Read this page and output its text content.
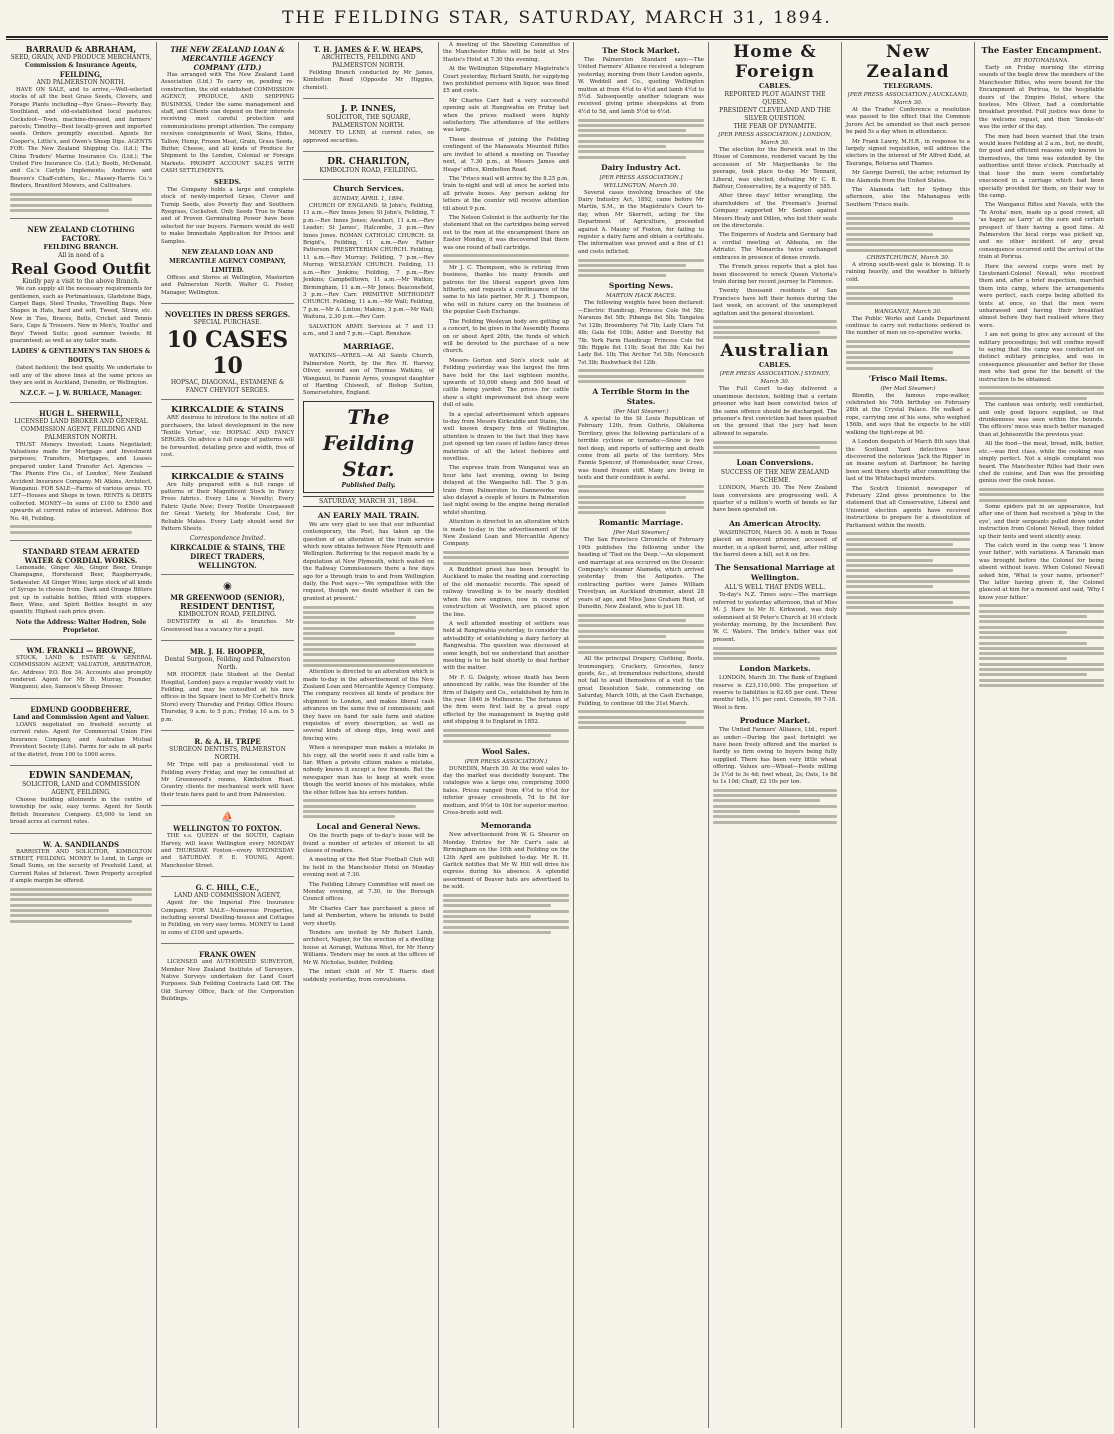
THE FEILDING STAR, SATURDAY, MARCH 31, 1894.
BARRAUD & ABRAHAM,
SEED, GRAIN, AND PRODUCE MERCHANTS,
Commission & Insurance Agents,
FEILDING,
AND PALMERSTON NORTH.

HAVE ON SALE, and to arrive,—Well-selected stocks of all the best Grass Seeds, Clovers, and Forage Plants including—Rye Grass—Poverty Bay, Southland, and old-established local pastures; Cocksfoot—Town, machine-dressed, and farmers' parcels; Timothy—Best locally-grown and imported seeds. Orders promptly executed. Agents for Cooper's, Little's, and Owen's Sheep Dips. AGENTS FOR: The New Zealand Shipping Co. (Ld.); The China Traders' Marine Insurance Co. (Ltd.); The United Fire Insurance Co. (Ld.); Booth, McDonald, and Co.'s Carlyle Implements; Andrews and Beaven's Chaff-cutters, &c.; Massey-Harris Co.'s Binders, Brantford Mowers, and Cultivators.

NEW ZEALAND CLOTHING FACTORY.
FEILDING BRANCH.
All in need of a
Real Good Outfit
Kindly pay a visit to the above Branch.

We can supply all the necessary requirements for gentlemen, such as Portmanteaux, Gladstone Bags, Carpet Bags, Steel Trunks, Travelling Bags. New Shapes in Hats, hard and soft, Tweed, Straw, etc. New in Ties, Braces, Belts, Cricket and Tennis Sacs, Caps & Trousers. New in Men's, Youths' and Boys' Tweed Suits; good summer tweeds; fit guaranteed; as well as any tailor made.

LADIES' & GENTLEMEN'S TAN SHOES & BOOTS,

(latest fashion); the best quality. We undertake to sell any of the above lines at the same prices as they are sold in Auckland, Dunedin, or Wellington.

N.Z.C.F. — J. W. BURLACE, Manager.
HUGH L. SHERWILL,
LICENSED LAND BROKER AND GENERAL COMMISSION AGENT, FEILDING AND PALMERSTON NORTH.

TRUST Moneys Invested; Loans Negotiated; Valuations made for Mortgage and Investment purposes; Transfers, Mortgages, and Leases prepared under Land Transfer Act. Agencies — 'The Phenix Fire Co., of London', New Zealand Accident Insurance Company. Mt Atkins, Architect, Wanganui. FOR SALE—Farms of various areas. TO LET—Houses and Shops in town. RENTS & DEBTS collected. MONEY—In sums of £100 to £500 and upwards at current rates of interest. Address: Box No. 46, Feilding.

STANDARD STEAM AERATED WATER & CORDIAL WORKS.

Lemonade, Ginger Ale, Ginger Beer, Orange Champagne, Horehound Beer, Raspberryade, Sodawater. All Ginger Wine; large stock of all kinds of Syrups to choose from. Dark and Orange Bitters put up in suitable bottles, fitted with stoppers. Beer, Wine, and Spirit Bottles bought in any quantity. Highest cash price given.

Note the Address: Walter Hodren, Sole Proprietor.
WM. FRANKLI — BROWNE,

STOCK, LAND & ESTATE & GENERAL COMMISSION AGENT, VALUATOR, ARBITRATOR, &c. Address: P.O. Box 34. Accounts also promptly rendered. Agent for Mr D. Murray, Founder, Wanganui; also, Samson's Sheep Dresser.

EDMUND GOODBEHERE,
Land and Commission Agent and Valuer.

LOANS negotiated on freehold security at current rates. Agent for Commercial Union Fire Insurance Company, and Australian Mutual Provident Society (Life). Farms for sale in all parts of the district, from 100 to 1000 acres.

EDWIN SANDEMAN,
SOLICITOR, LAND and COMMISSION AGENT, FEILDING.

Choose building allotments in the centre of township for sale, easy terms. Agent for South British Insurance Company. £5,000 to lend on broad acres at current rates.

W. A. SANDILANDS

BARRISTER AND SOLICITOR, KIMBOLTON STREET, FEILDING. MONEY to Lend, in Large or Small Sums, on the security of Freehold Land, at Current Rates of Interest. Town Property accepted if ample margin be offered.

THE NEW ZEALAND LOAN & MERCANTILE AGENCY COMPANY (LTD.)

Has arranged with The New Zealand Land Association (Ltd.) To carry on, pending re-construction, the old established COMMISSION AGENCY, PRODUCE, AND SHIPPING BUSINESS, Under the same management and staff, and Clients can depend on their interests receiving most careful protection and communications prompt attention. The company receives consignments of Wool, Skins, Hides, Tallow, Hemp, Frozen Meat, Grain, Grass Seeds, Butter, Cheese, and all kinds of Produce for Shipment to the London, Colonial or Foreign Markets. PROMPT ACCOUNT SALES WITH CASH SETTLEMENTS.

SEEDS.

The Company holds a large and complete stock of newly-imported Grass, Clover and Turnip Seeds, also Poverty Bay and Southern Ryegrass, Cocksfoot. Only Seeds True to Name and of Proven Germinating Power have been selected for our buyers. Farmers would do well to make Immediate Application for Prices and Samples.

NEW ZEALAND LOAN AND MERCANTILE AGENCY COMPANY, LIMITED.

Offices and Stores at Wellington, Masterton and Palmerston North. Walter G. Foster, Manager, Wellington.

NOVELTIES IN DRESS SERGES.
SPECIAL PURCHASE.
10 CASES 10
HOPSAC, DIAGONAL, ESTAMENE & FANCY CHEVIOT SERGES.
KIRKCALDIE & STAINS

ARE desirous to introduce to the notice of all purchasers, the latest development in the new 'Textile Virtue', viz: HOPSAC AND FANCY SERGES. On advice a full range of patterns will be forwarded, detailing price and width, free of cost.

KIRKCALDIE & STAINS

Are fully prepared with a full range of patterns of their Magnificent Stock in Fancy Press fabrics. Every Line a Novelty; Every Fabric Quite New; Every Textile Unsurpassed for Great Variety, for Moderate Cost, for Reliable Makes. Every Lady should send for Pattern Sheets.

Correspondence Invited.
KIRKCALDIE & STAINS, THE DIRECT TRADERS, WELLINGTON.
◉
MR GREENWOOD (SENIOR),
RESIDENT DENTIST,
KIMBOLTON ROAD, FEILDING.

DENTISTRY in all its branches. Mr Greenwood has a vacancy for a pupil.

MR. J. H. HOOPER,
Dental Surgeon, Feilding and Palmerston North.

MR HOOPER (late Student at the Dental Hospital, London) pays a regular weekly visit to Feilding, and may be consulted at his new offices in the Square (next to Mr Corbett's Brick Store) every Thursday and Friday. Office Hours: Thursday, 9 a.m. to 5 p.m.; Friday, 10 a.m. to 5 p.m.

R. & A. H. TRIPE
SURGEON DENTISTS, PALMERSTON NORTH.

Mr Tripe will pay a professional visit to Feilding every Friday, and may be consulted at Mr Greenwood's rooms, Kimbolton Road. Country clients for mechanical work will have their train fares paid to and from Palmerston.

⛵
WELLINGTON TO FOXTON.

THE s.s. QUEEN of the SOUTH, Captain Harvey, will leave Wellington every MONDAY and THURSDAY. Foxton—every WEDNESDAY and SATURDAY. F. E. YOUNG, Agent, Manchester Street.

G. C. HILL, C.E.,
LAND AND COMMISSION AGENT,

Agent for the Imperial Fire Insurance Company. FOR SALE—Numerous Properties, including several Dwelling-houses and Cottages in Feilding, on very easy terms. MONEY to Lend in sums of £100 and upwards.

FRANK OWEN

LICENSED and AUTHORISED SURVEYOR, Member New Zealand Institute of Surveyors. Native Surveys undertaken for Land Court Purposes. Sub Feilding Contracts Laid Off. The Old Survey Office, Back of the Corporation Buildings.

T. H. JAMES & F. W. HEAPS,
ARCHITECTS, FEILDING AND PALMERSTON NORTH.

Feilding Branch conducted by Mr James, Kimbolton Road (Opposite Mr Higgins, chemist).

J. P. INNES,
SOLICITOR, THE SQUARE, PALMERSTON NORTH.

MONEY TO LEND, at current rates, on approved securities.

DR. CHARLTON,
KIMBOLTON ROAD, FEILDING.
Church Services.
SUNDAY, APRIL 1, 1894.

CHURCH OF ENGLAND. St John's, Feilding, 11 a.m.—Rev Innes Jones; St John's, Feilding, 7 p.m.—Rev Innes Jones; Awahuri, 11 a.m.—Rev Leader; St James', Halcombe, 3 p.m.—Rev Innes Jones. ROMAN CATHOLIC CHURCH. St Brigid's, Feilding, 11 a.m.—Rev Father Patterson. PRESBYTERIAN CHURCH. Feilding, 11 a.m.—Rev Murray; Feilding, 7 p.m.—Rev Murray. WESLEYAN CHURCH. Feilding, 11 a.m.—Rev Jenkins; Feilding, 7 p.m.—Rev Jenkins; Campbelltown, 11 a.m.—Mr Watkin; Birmingham, 11 a.m.—Mr Jones; Beaconsfield, 3 p.m.—Rev Carr. PRIMITIVE METHODIST CHURCH. Feilding, 11 a.m.—Mr Wall; Feilding, 7 p.m.—Mr A. Linton; Makino, 3 p.m.—Mr Wall; Waituna, 2.30 p.m.—Rev Carr.

SALVATION ARMY. Services at 7 and 11 a.m., and 3 and 7 p.m.—Capt. Renshaw.

MARRIAGE.

WATKINS—AYRES.—At All Saints Church, Palmerston North, by the Rev. H. Harvey, Oliver, second son of Thomas Watkins, of Wanganui, to Fannie Ayres, youngest daughter of Harding Chiswell, of Bishop Sutton, Somersetshire, England.

The Feilding Star.
Published Daily.
SATURDAY, MARCH 31, 1894.
AN EARLY MAIL TRAIN.

We are very glad to see that our influential contemporary, the Post, has taken up the question of an alteration of the train service which now obtains between New Plymouth and Wellington. Referring to the request made by a deputation at New Plymouth, which waited on the Railway Commissioners there a few days ago for a through train to and from Wellington daily, the Post says:—'We sympathise with the request, though we doubt whether it can be granted at present.'

Attention is directed to an alteration which is made to-day in the advertisement of the New Zealand Loan and Mercantile Agency Company. The company receives all kinds of produce for shipment to London, and makes liberal cash advances on the same free of commission; and they have on hand for sale farm and station requisites of every description, as well as several kinds of sheep dips, long wool and fencing wire.

When a newspaper man makes a mistake in his copy, all the world sees it and calls him a liar. When a private citizen makes a mistake, nobody knows it except a few friends. But the newspaper man has to keep at work even though the world knows of his mistakes, while the other fellow has his errors hidden.

Local and General News.

On the fourth page of to-day's issue will be found a number of articles of interest to all classes of readers.

A meeting of the Red Star Football Club will be held in the Manchester Hotel on Monday evening next at 7.30.

The Feilding Library Committee will meet on Monday evening, at 7.30, in the Borough Council offices.

Mr Charles Carr has purchased a piece of land at Pemberton, where he intends to build very shortly.

Tenders are invited by Mr Robert Lamb, architect, Napier, for the erection of a dwelling house at Aorangi, Waituna West, for Mr Henry Williams. Tenders may be seen at the offices of Mr W. Nicholas, builder, Feilding.

The infant child of Mr T. Harris died suddenly yesterday, from convulsions.

A meeting of the Shooting Committee of the Manchester Rifles will be held at Mrs Hastie's Hotel at 7.30 this evening.

At the Wellington Stipendiary Magistrate's Court yesterday, Richard Smith, for supplying two prohibited persons with liquor, was fined £5 and costs.

Mr Charles Carr had a very successful opening sale at Rangiwahia on Friday last when the prices realised were highly satisfactory. The attendance of the settlers was large.

Those desirous of joining the Feilding contingent of the Manawatu Mounted Rifles are invited to attend a meeting on Tuesday next, at 7.30 p.m., at Messrs James and Heaps' office, Kimbolton Road.

The 'Frisco mail will arrive by the 8.25 p.m. train to-night and will at once be sorted into all private boxes. Any person asking for letters at the counter will receive attention till about 9 p.m.

The Nelson Colonist is the authority for the statement that on the cartridges being served out to the men at the encampment there on Easter Monday, it was discovered that there was one round of ball cartridge.

Mr J. C. Thompson, who is retiring from business, thanks his many friends and patrons for the liberal support given him hitherto, and requests a continuance of the same to his late partner, Mr R. J. Thompson, who will in future carry on the business of the popular Cash Exchange.

The Feilding Wesleyan body are getting up a concert, to be given in the Assembly Rooms on or about April 20th, the funds of which will be devoted to the purchase of a new church.

Messrs Gorton and Son's stock sale at Feilding yesterday was the largest the firm have held for the last eighteen months, upwards of 10,000 sheep and 500 head of cattle being yarded. The prices for cattle show a slight improvement but sheep were dull of sale.

In a special advertisement which appears to-day from Messrs Kirkcaldie and Stains, the well known drapery firm of Wellington, attention is drawn to the fact that they have just opened up ten cases of ladies fancy dress materials of all the latest fashions and novelties.

The express train from Wanganui was an hour late last evening, owing to being delayed at the Wangaehu hill. The 5 p.m. train from Palmerston to Danneverke was also delayed a couple of hours in Palmerston last night owing to the engine being derailed whilst shunting.

Attention is directed to an alteration which is made to-day in the advertisement of the New Zealand Loan and Mercantile Agency Company.

A Buddhist priest has been brought to Auckland to make the reading and correcting of the old monastic records. The speed of railway travelling is to be nearly doubled when the new engines, now in course of construction at Woolwich, are placed upon the line.

A well attended meeting of settlers was held at Rangiwahia yesterday, to consider the advisability of establishing a dairy factory at Rangiwahia. The question was discussed at some length, but we understand that another meeting is to be held shortly to deal further with the matter.

Mr F. G. Dalgety, whose death has been announced by cable, was the founder of the firm of Dalgety and Co., established by him in the year 1846 in Melbourne. The fortunes of the firm were first laid by a great copy effected by the management in buying gold and shipping it to England in 1852.

Wool Sales.
(PER PRESS ASSOCIATION.)

DUNEDIN, March 30. At the wool sales to-day the market was decidedly buoyant. The catalogue was a large one, comprising 3000 bales. Prices ranged from 4½d to 6½d for inferior greasy crossbreds, 7d to 8d for medium, and 9½d to 10d for superior merino. Cross-breds sold well.

Memoranda

New advertisement from W. G. Shearer on Monday. Entries for Mr Carr's sale at Birmingham on the 10th and Feilding on the 12th April are published to-day. Mr R. H. Garlick notifies that Mr W. Hill will drive his express during his absence. A splendid assortment of Beaver hats are advertised to be sold.

The Stock Market.

The Palmerston Standard says:—The United Farmers' Alliance received a telegram yesterday, morning from their London agents, W. Weddell and Co., quoting Wellington mutton at from 4½d to 4½d and lamb 4½d to 5½d. Subsequently another telegram was received giving prime sheepskins at from 4½d to 5d, and lamb 5½d to 6½d.

Dairy Industry Act.
[PER PRESS ASSOCIATION.] WELLINGTON, March 30.

Several cases involving breaches of the Dairy Industry Act, 1892, came before Mr Martin, S.M., in the Magistrate's Court to-day, when Mr Skerrett, acting for the Department of Agriculture, proceeded against A. Mauny of Foxton, for failing to register a dairy farm and obtain a certificate. The information was proved and a fine of £1 and costs inflicted.

Sporting News.
MARTON HACK RACES.

The following weights have been declared:—Electric Handicap, Princess Cole 9st 5lb; Naranza 8st 5lb; Pibanga 8st 5lb; Tangatoa 7st 12lb; Broomberry 7st 7lb; Lady Clare 7st 4lb; Gala 6st 10lb; Adder and Dorothy 6st 7lb. York Farm Handicap: Princess Cole 9st 5lb; Ripple 8st 11lb; Scud 8st 3lb; Kai Iwi Lady 8st. 1lb; The Archer 7st 5lb; Noncsuch 7st 3lb; Bushwhack 6st 12lb.

A Terrible Storm in the States.
(Per Mail Steamer.)

A special to the St Louis Republican of February 12th, from Guthrie, Oklahoma Territory, gives the following particulars of a terrible cyclone or tornado:—Snow is two feet deep, and reports of suffering and death come from all parts of the territory. Mrs Fannie Spencer, of Homesteader, near Cross, was found frozen stiff. Many are living in tents and their condition is awful.

Romantic Marriage.
[Per Mail Steamer.]

The San Francisco Chronicle of February 19th publishes the following under the heading of 'Tied on the Deep.'—An elopement and marriage at sea occurred on the Oceanic Company's steamer Alameda, which arrived yesterday from the Antipodes. The contracting parties were James William Trevelyan, an Auckland drummer, about 28 years of age, and Miss Jane Graham Reid, of Dunedin, New Zealand, who is just 18.

All the principal Drapery, Clothing, Boots, Ironmongery, Crockery, Groceries, fancy goods, &c., at tremendous reductions, should not fail to avail themselves of a visit to the great Desolution Sale, commencing on Saturday, March 10th, at the Cash Exchange, Feilding, to continue till the 31st March.

Home & Foreign
CABLES.
REPORTED PLOT AGAINST THE QUEEN.
PRESIDENT CLEVELAND AND THE SILVER QUESTION.
THE FEAR OF DYNAMITE.
[PER PRESS ASSOCIATION.] LONDON, March 30.

The election for the Berwick seat in the House of Commons, rendered vacant by the accession of Mr Marjoribanks to the peerage, took place to-day. Mr Tennant, Liberal, was elected, defeating Mr C. B. Balfour, Conservative, by a majority of 585.

After three days' bitter wrangling, the shareholders of the Freeman's Journal Company supported Mr Sexton against Messrs Healy and Dillon, who lost their seats on the directorate.

The Emperors of Austria and Germany had a cordial meeting at Abbazia, on the Adriatic. The Monarchs twice exchanged embraces in presence of dense crowds.

The French press reports that a plot has been discovered to wreck Queen Victoria's train during her recent journey to Florence.

Twenty thousand residents of San Francisco have left their homes during the last week, on account of the unemployed agitation and the general discontent.

Australian
CABLES.
[PER PRESS ASSOCIATION.] SYDNEY, March 30.

The Full Court to-day delivered a unanimous decision, holding that a certain prisoner who had been convicted twice of the same offence should be discharged. The prisoner's first conviction had been quashed on the ground that the jury had been allowed to separate.

Loan Conversions.
SUCCESS OF THE NEW ZEALAND SCHEME.

LONDON, March 30. The New Zealand loan conversions are progressing well. A quarter of a million's worth of bonds so far have been operated on.

An American Atrocity.

WASHINGTON, March 30. A mob in Texas placed an innocent prisoner, accused of murder, in a spiked barrel, and, after rolling the barrel down a hill, set it on fire.

The Sensational Marriage at Wellington.
ALL'S WELL THAT ENDS WELL.

To-day's N.Z. Times says:—The marriage referred to yesterday afternoon, that of Miss M. J. Hare to Mr H. Kirkwood, was duly solemnised at St Peter's Church at 10 o'clock yesterday morning, by the Incumbent Rev. W. C. Waters. The bride's father was not present.

London Markets.

LONDON, March 30. The Bank of England reserve is £23,110,000. The proportion of reserve to liabilities is 62.65 per cent. Three months' bills, 1½ per cent. Consols, 99 7-16. Wool is firm.

Produce Market.

The United Farmers' Alliance, Ltd., report as under:—During the past fortnight we have been freely offered and the market is hardly so firm owing to buyers being fully supplied. There has been very little wheat offering. Values are—Wheat—Feeds milling 3s 1½d to 3s 4d; fowl wheat, 2s; Oats, 1s 8d to 1s 10d; Chaff, £2 10s per ton.

New Zealand
TELEGRAMS.
[PER PRESS ASSOCIATION.] AUCKLAND, March 30.

At the Trades' Conference a resolution was passed to the effect that the Common Jurors Act be amended so that each person be paid 5s a day when in attendance.

Mr Frank Lawry, M.H.R., in response to a largely signed requisition, will address the electors in the interest of Mr Alfred Kidd, at Tauranga, Rotorua and Thames.

Mr George Darrell, the actor, returned by the Alameda from the United States.

The Alameda left for Sydney this afternoon, also the Mahanapua with Southern 'Frisco mails.

CHRISTCHURCH, March 30.

A strong south-west gale is blowing. It is raining heavily, and the weather is bitterly cold.

WANGANUI, March 30.

The Public Works and Lands Department continue to carry out reductions ordered in the number of men on co-operative works.

'Frisco Mail Items.
(Per Mail Steamer.)

Blondin, the famous rope-walker, celebrated his 70th birthday on February 28th at the Crystal Palace. He walked a rope, carrying one of his sons, who weighed 156lb, and says that he expects to be still walking the tight-rope at 90.

A London despatch of March 8th says that the Scotland Yard detectives have discovered the notorious 'Jack the Ripper' in an insane asylum at Dartmoor, he having been sent there shortly after committing the last of the Whitechapel murders.

The Scotch Unionist newspaper of February 22nd gives prominence to the statement that all Conservative, Liberal and Unionist election agents have received instructions to prepare for a dissolution of Parliament within the month.

The Easter Encampment.
BY ROTONAHANA.

Early on Friday morning the stirring sounds of the bugle drew the members of the Manchester Rifles, who were bound for the Encampment at Porirua, to the hospitable doors of the Empire Hotel, where the hostess, Mrs Oliver, had a comfortable breakfast provided. Full justice was done to the welcome repast, and then 'Smoke-oh' was the order of the day.

The men had been warned that the train would leave Feilding at 2 a.m., but, no doubt, for good and efficient reasons only known to themselves, the time was extended by the authorities until three o'clock. Punctually at that hour the men were comfortably ensconced in a carriage which had been specially provided for them, on their way to the camp.

The Wanganui Rifles and Navals, with the 'Te Aroha' men, made up a good crowd, all 'as happy as Larry' at the sure and certain prospect of their having a good time. At Palmerston the local corps was picked up, and no other incident of any great consequence occurred until the arrival of the train at Porirua.

Here the several corps were met by Lieutenant-Colonel Newall, who received them and, after a brief inspection, marched them into camp, where the arrangements were perfect, each corps being allotted its tents at once, so that the men were unharassed and having their breakfast almost before they had realised where they were.

I am not going to give any account of the military proceedings; but will confine myself to saying that the camp was conducted on distinct military principles, and was in consequence pleasanter and better for those men who had gone for the benefit of the instruction to be obtained.

The canteen was orderly, well conducted, and only good liquors supplied, so that drunkenness was seen within the bounds. The officers' mess was much better managed than at Johnsonville the previous year.

All the food—the meat, bread, milk, butter, etc.—was first class, while the cooking was simply perfect. Not a single complaint was heard. The Manchester Rifles had their own chef de cuisine, and Dan was the presiding genius over the cook house.

Some spiders put in an appearance, but after one of them had received a 'plug in the eye', and their sergeants pulled down under instruction from Colonel Newall, they folded up their tents and went silently away.

The catch word in the camp was 'I know your father', with variations. A Taranaki man was brought before the Colonel for being absent without leave. When Colonel Newall asked him, 'What is your name, prisoner?' The latter having given it, the Colonel glanced at him for a moment and said, 'Why I know your father.'
